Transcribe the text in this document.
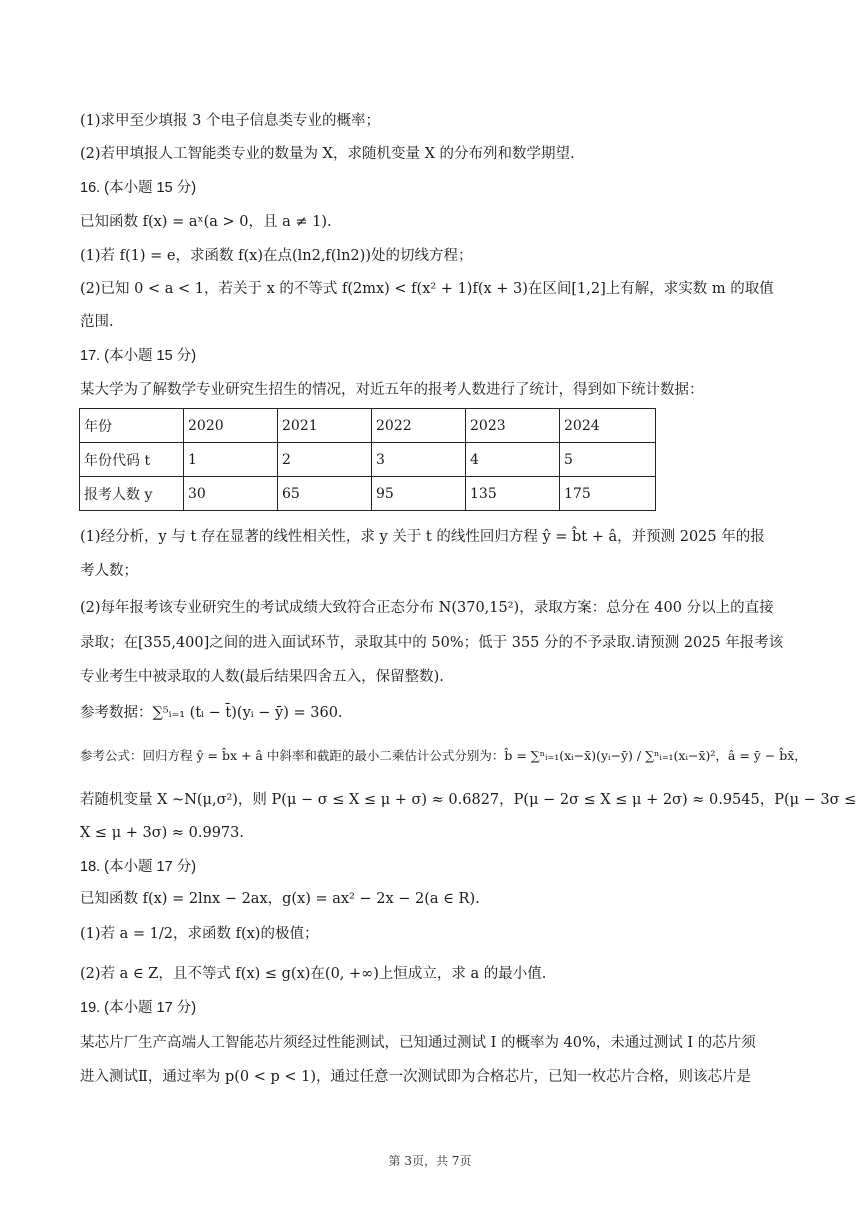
(1)求甲至少填报 3 个电子信息类专业的概率；
(2)若甲填报人工智能类专业的数量为 X，求随机变量 X 的分布列和数学期望.
16. (本小题 15 分)
已知函数 f(x) = aˣ(a > 0，且 a ≠ 1).
(1)若 f(1) = e，求函数 f(x)在点(ln2,f(ln2))处的切线方程；
(2)已知 0 < a < 1，若关于 x 的不等式 f(2mx) < f(x² + 1)f(x + 3)在区间[1,2]上有解，求实数 m 的取值
范围.
17. (本小题 15 分)
某大学为了解数学专业研究生招生的情况，对近五年的报考人数进行了统计，得到如下统计数据：
年份	2020	2021	2022	2023	2024
年份代码 t	1	2	3	4	5
报考人数 y	30	65	95	135	175
(1)经分析，y 与 t 存在显著的线性相关性，求 y 关于 t 的线性回归方程 ŷ = b̂t + â，并预测 2025 年的报
考人数；
(2)每年报考该专业研究生的考试成绩大致符合正态分布 N(370,15²)，录取方案：总分在 400 分以上的直接
录取；在[355,400]之间的进入面试环节，录取其中的 50%；低于 355 分的不予录取.请预测 2025 年报考该
专业考生中被录取的人数(最后结果四舍五入，保留整数).
参考数据：∑⁵ᵢ₌₁ (tᵢ − t̄)(yᵢ − ȳ) = 360.
参考公式：回归方程 ŷ = b̂x + â 中斜率和截距的最小二乘估计公式分别为：b̂ = ∑ⁿᵢ₌₁(xᵢ−x̄)(yᵢ−ȳ) / ∑ⁿᵢ₌₁(xᵢ−x̄)²，â = ȳ − b̂x̄，
若随机变量 X ~N(μ,σ²)，则 P(μ − σ ≤ X ≤ μ + σ) ≈ 0.6827，P(μ − 2σ ≤ X ≤ μ + 2σ) ≈ 0.9545，P(μ − 3σ ≤
X ≤ μ + 3σ) ≈ 0.9973.
18. (本小题 17 分)
已知函数 f(x) = 2lnx − 2ax，g(x) = ax² − 2x − 2(a ∈ R).
(1)若 a = 1/2，求函数 f(x)的极值；
(2)若 a ∈ Z，且不等式 f(x) ≤ g(x)在(0, +∞)上恒成立，求 a 的最小值.
19. (本小题 17 分)
某芯片厂生产高端人工智能芯片须经过性能测试，已知通过测试 I 的概率为 40%，未通过测试 I 的芯片须
进入测试Ⅱ，通过率为 p(0 < p < 1)，通过任意一次测试即为合格芯片，已知一枚芯片合格，则该芯片是
第 3页，共 7页
